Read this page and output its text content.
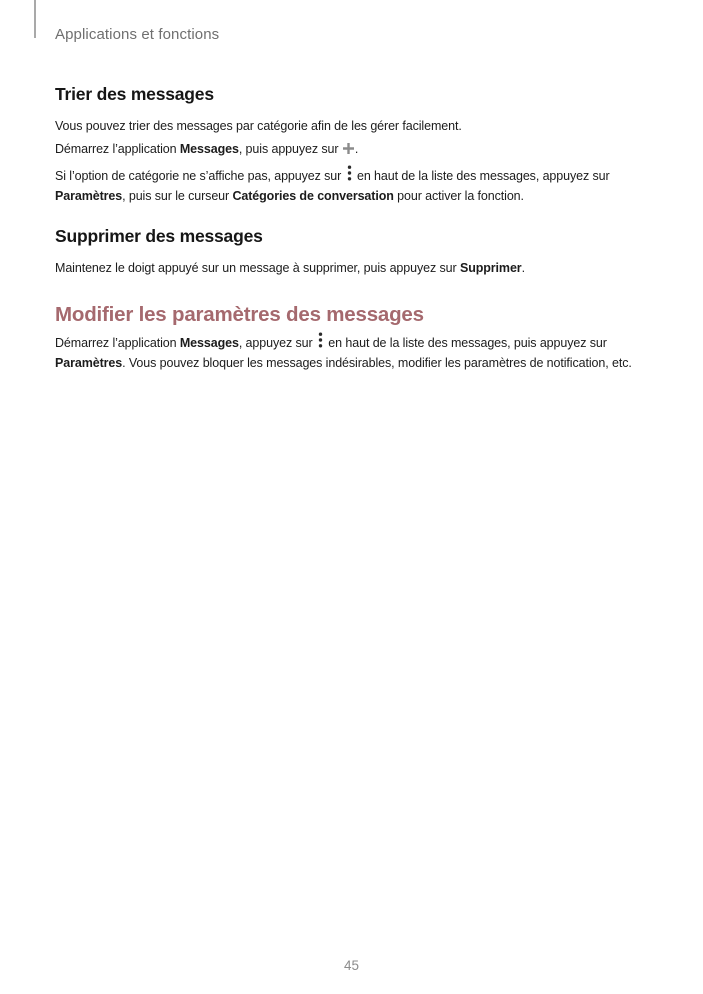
Applications et fonctions
Trier des messages

Vous pouvez trier des messages par catégorie afin de les gérer facilement.

Démarrez l’application Messages, puis appuyez sur .

Si l’option de catégorie ne s’affiche pas, appuyez sur  en haut de la liste des messages, appuyez sur Paramètres, puis sur le curseur Catégories de conversation pour activer la fonction.

Supprimer des messages

Maintenez le doigt appuyé sur un message à supprimer, puis appuyez sur Supprimer.

Modifier les paramètres des messages

Démarrez l’application Messages, appuyez sur  en haut de la liste des messages, puis appuyez sur Paramètres. Vous pouvez bloquer les messages indésirables, modifier les paramètres de notification, etc.

45
